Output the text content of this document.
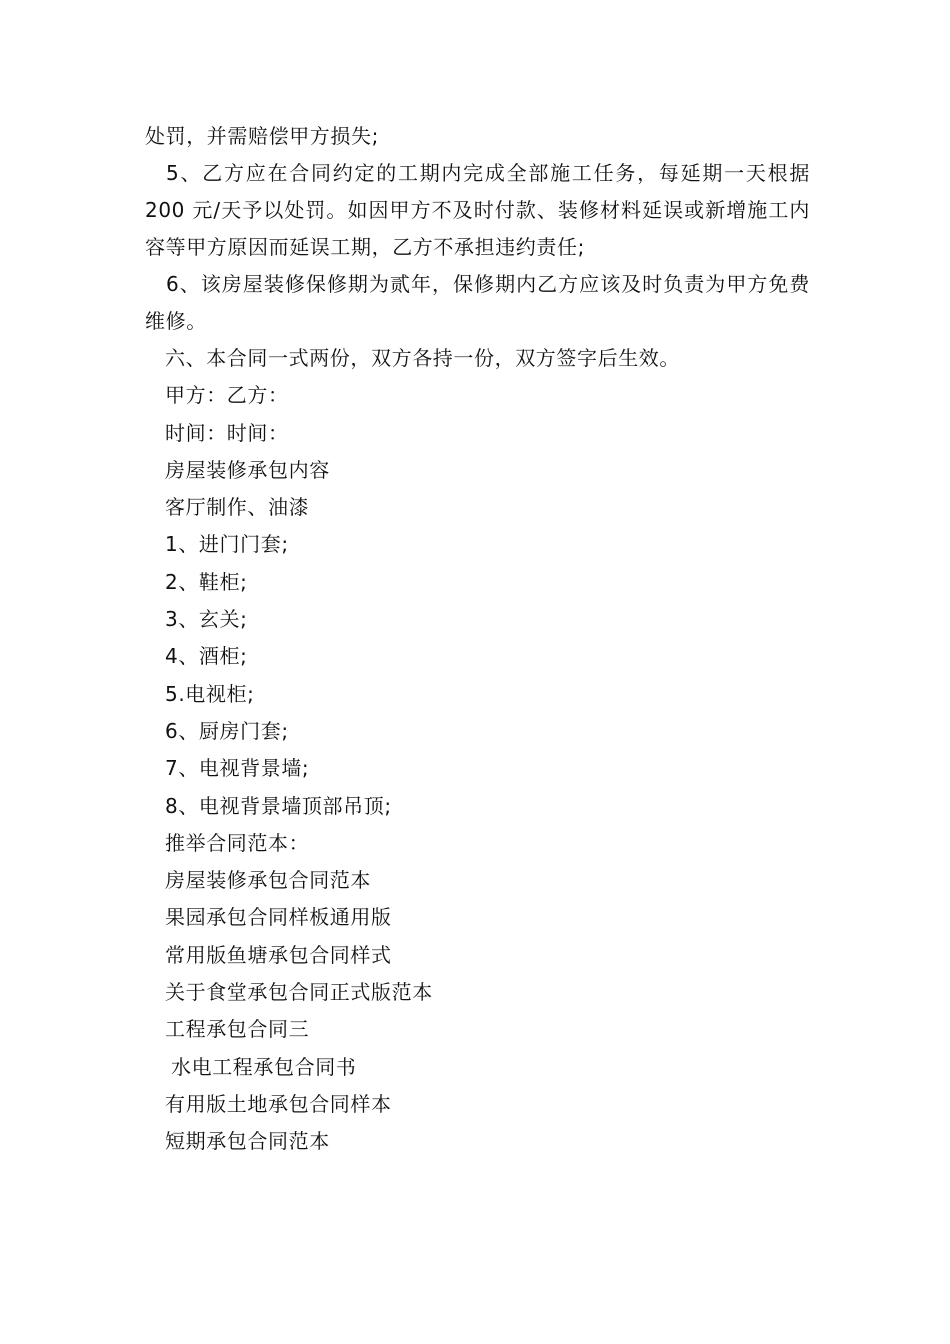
处罚，并需赔偿甲方损失;

5、乙方应在合同约定的工期内完成全部施工任务，每延期一天根据 200 元/天予以处罚。如因甲方不及时付款、装修材料延误或新增施工内容等甲方原因而延误工期，乙方不承担违约责任;

6、该房屋装修保修期为贰年，保修期内乙方应该及时负责为甲方免费维修。

六、本合同一式两份，双方各持一份，双方签字后生效。

甲方：乙方：

时间：时间：

房屋装修承包内容

客厅制作、油漆

1、进门门套;

2、鞋柜;

3、玄关;

4、酒柜;

5.电视柜;

6、厨房门套;

7、电视背景墙;

8、电视背景墙顶部吊顶;

推举合同范本：

房屋装修承包合同范本

果园承包合同样板通用版

常用版鱼塘承包合同样式

关于食堂承包合同正式版范本

工程承包合同三

水电工程承包合同书

有用版土地承包合同样本

短期承包合同范本
